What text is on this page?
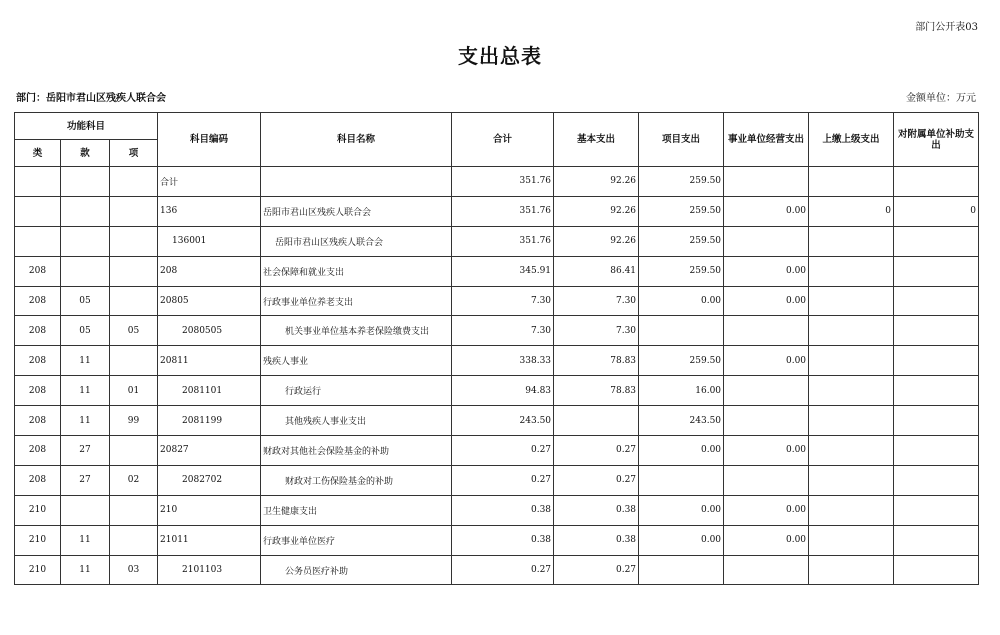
部门公开表03
支出总表
部门：岳阳市君山区残疾人联合会	金额单位：万元
功能科目			科目编码	科目名称	合计	基本支出	项目支出	事业单位经营支出	上缴上级支出	对附属单位补助支出
类	款	项								
			合计		351.76	92.26	259.50			
			136	岳阳市君山区残疾人联合会	351.76	92.26	259.50	0.00	0	0
			136001	岳阳市君山区残疾人联合会	351.76	92.26	259.50			
208			208	社会保障和就业支出	345.91	86.41	259.50	0.00		
208	05		20805	行政事业单位养老支出	7.30	7.30	0.00	0.00		
208	05	05	2080505	机关事业单位基本养老保险缴费支出	7.30	7.30				
208	11		20811	残疾人事业	338.33	78.83	259.50	0.00		
208	11	01	2081101	行政运行	94.83	78.83	16.00			
208	11	99	2081199	其他残疾人事业支出	243.50		243.50			
208	27		20827	财政对其他社会保险基金的补助	0.27	0.27	0.00	0.00		
208	27	02	2082702	财政对工伤保险基金的补助	0.27	0.27				
210			210	卫生健康支出	0.38	0.38	0.00	0.00		
210	11		21011	行政事业单位医疗	0.38	0.38	0.00	0.00		
210	11	03	2101103	公务员医疗补助	0.27	0.27				
